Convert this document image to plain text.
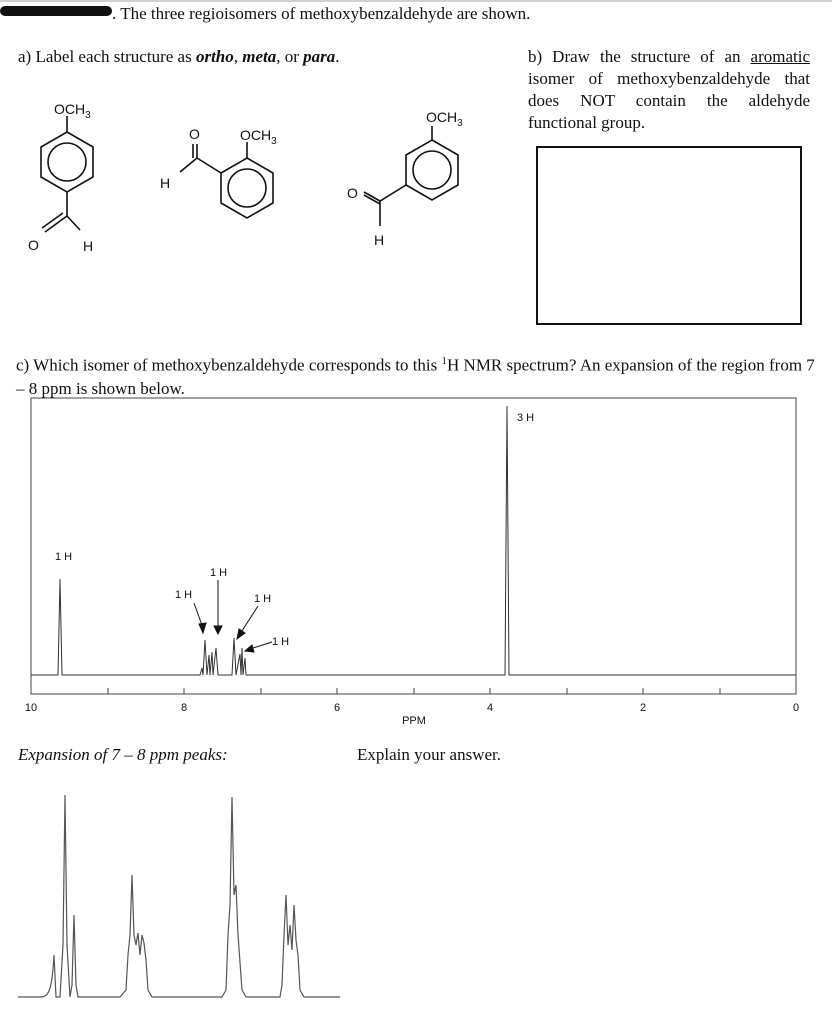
. The three regioisomers of methoxybenzaldehyde are shown.
a) Label each structure as ortho, meta, or para.	b) Draw the structure of an aromatic isomer of methoxybenzaldehyde that does NOT contain the aldehyde functional group.
$OCH_3$
O	H
$OCH_3$
O
H
$OCH_3$
O
H
c) Which isomer of methoxybenzaldehyde corresponds to this $^1$H NMR spectrum? An expansion of the region from 7 – 8 ppm is shown below.
10	8	6	4	2	0
PPM
1 H
1 H
1 H
1 H
1 H
3 H
Expansion of 7 – 8 ppm peaks:	Explain your answer.
